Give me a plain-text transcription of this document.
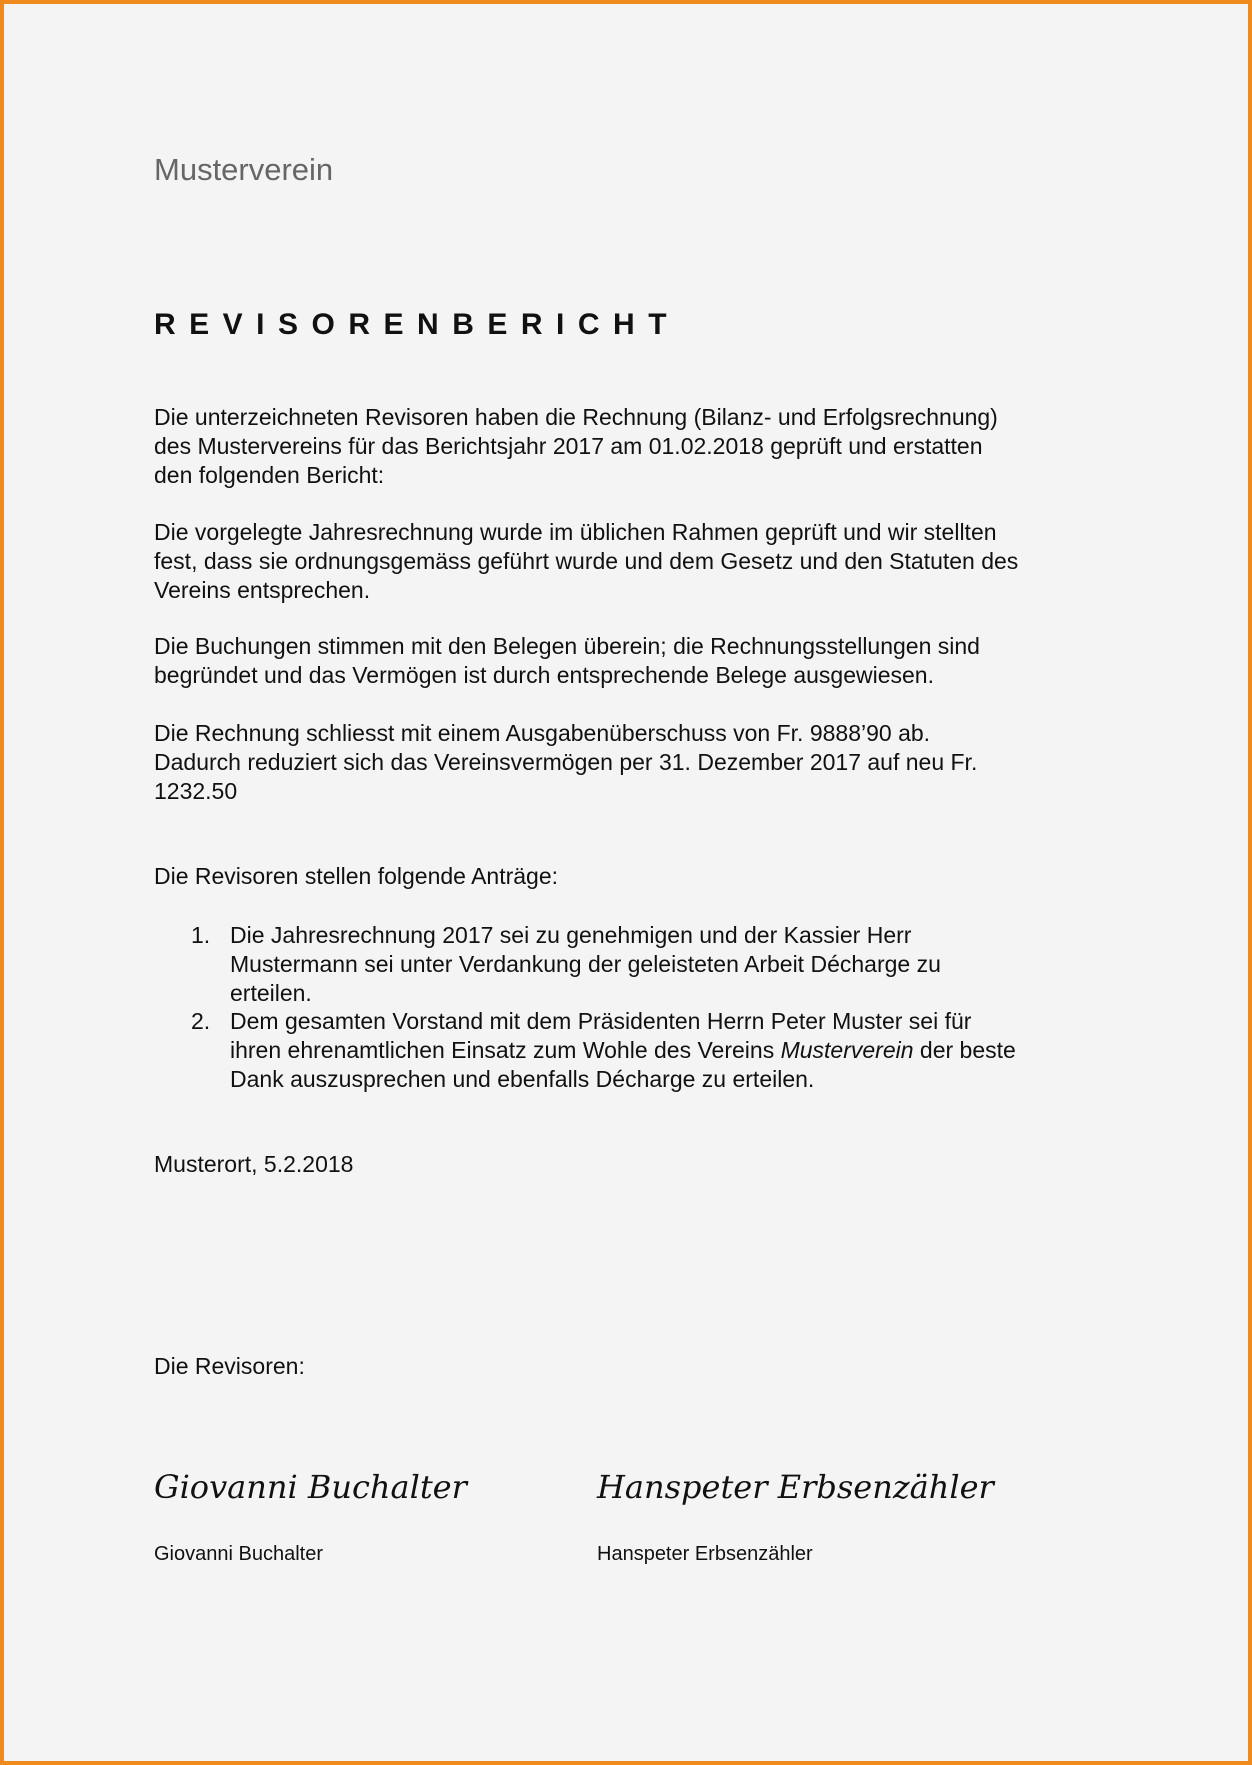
Musterverein
REVISORENBERICHT
Die unterzeichneten Revisoren haben die Rechnung (Bilanz- und Erfolgsrechnung)
des Mustervereins für das Berichtsjahr 2017 am 01.02.2018 geprüft und erstatten
den folgenden Bericht:
Die vorgelegte Jahresrechnung wurde im üblichen Rahmen geprüft und wir stellten
fest, dass sie ordnungsgemäss geführt wurde und dem Gesetz und den Statuten des
Vereins entsprechen.
Die Buchungen stimmen mit den Belegen überein; die Rechnungsstellungen sind
begründet und das Vermögen ist durch entsprechende Belege ausgewiesen.
Die Rechnung schliesst mit einem Ausgabenüberschuss von Fr. 9888’90 ab.
Dadurch reduziert sich das Vereinsvermögen per 31. Dezember 2017 auf neu Fr.
1232.50
Die Revisoren stellen folgende Anträge:
1. Die Jahresrechnung 2017 sei zu genehmigen und der Kassier Herr
Mustermann sei unter Verdankung der geleisteten Arbeit Décharge zu
erteilen.
2. Dem gesamten Vorstand mit dem Präsidenten Herrn Peter Muster sei für
ihren ehrenamtlichen Einsatz zum Wohle des Vereins Musterverein der beste
Dank auszusprechen und ebenfalls Décharge zu erteilen.
Musterort, 5.2.2018
Die Revisoren:
Giovanni Buchalter	Hanspeter Erbsenzähler
Giovanni Buchalter	Hanspeter Erbsenzähler
